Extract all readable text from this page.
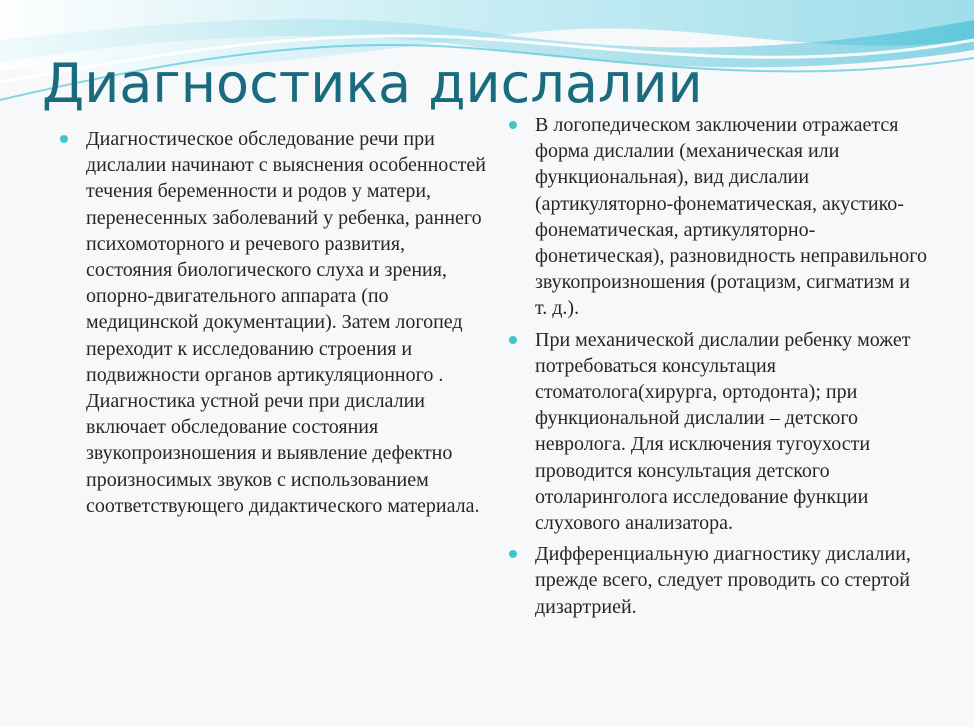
Диагностика дислалии
Диагностическое обследование речи при дислалии начинают с выяснения особенностей течения беременности и родов у матери, перенесенных заболеваний у ребенка, раннего психомоторного и речевого развития, состояния биологического слуха и зрения, опорно-двигательного аппарата (по медицинской документации). Затем логопед переходит к исследованию строения и подвижности органов артикуляционного . Диагностика устной речи при дислалии включает обследование состояния звукопроизношения и выявление дефектно произносимых звуков с использованием соответствующего дидактического материала.
В логопедическом заключении отражается форма дислалии (механическая или функциональная), вид дислалии (артикуляторно-фонематическая, акустико-фонематическая, артикуляторно-фонетическая), разновидность неправильного звукопроизношения (ротацизм, сигматизм и т. д.).
При механической дислалии ребенку может потребоваться консультация стоматолога(хирурга, ортодонта); при функциональной дислалии – детского невролога. Для исключения тугоухости проводится консультация детского отоларинголога исследование функции слухового анализатора.
Дифференциальную диагностику дислалии, прежде всего, следует проводить со стертой дизартрией.
